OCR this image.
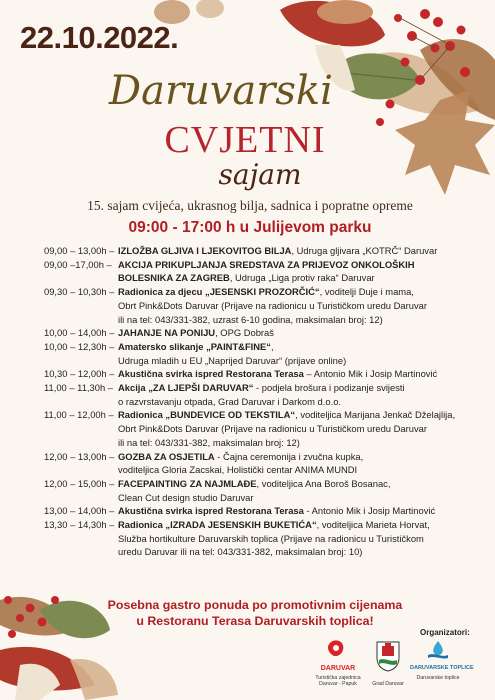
22.10.2022.
Daruvarski
CVJETNI
sajam
15. sajam cvijeća, ukrasnog bilja, sadnica i popratne opreme
09:00 - 17:00 h u Julijevom parku
09,00 – 13,00h – IZLOŽBA GLJIVA I LJEKOVITOG BILJA, Udruga gljivara „KOTRČ“ Daruvar
09,00 –17,00h – AKCIJA PRIKUPLJANJA SREDSTAVA ZA PRIJEVOZ ONKOLOŠKIH
BOLESNIKA ZA ZAGREB, Udruga „Liga protiv raka“ Daruvar
09,30 – 10,30h – Radionica za djecu „JESENSKI PROZORČIĆ“, voditelji Duje i mama,
Obrt Pink&Dots Daruvar (Prijave na radionicu u Turističkom uredu Daruvar
ili na tel: 043/331-382, uzrast 6-10 godina, maksimalan broj: 12)
10,00 – 14,00h – JAHANJE NA PONIJU, OPG Dobraš
10,00 – 12,30h – Amatersko slikanje „PAINT&FINE“,
Udruga mladih u EU „Naprijed Daruvar“ (prijave online)
10,30 – 12,00h – Akustična svirka ispred Restorana Terasa – Antonio Mik i Josip Martinović
11,00 – 11,30h – Akcija „ZA LJEPŠI DARUVAR“ - podjela brošura i podizanje svijesti
o razvrstavanju otpada, Grad Daruvar i Darkom d.o.o.
11,00 – 12,00h – Radionica „BUNDEVICE OD TEKSTILA“, voditeljica Marijana Jenkač Dželajlija,
Obrt Pink&Dots Daruvar (Prijave na radionicu u Turističkom uredu Daruvar
ili na tel: 043/331-382, maksimalan broj: 12)
12,00 – 13,00h – GOZBA ZA OSJETILA - Čajna ceremonija i zvučna kupka,
voditeljica Gloria Zacskai, Holistički centar ANIMA MUNDI
12,00 – 15,00h – FACEPAINTING ZA NAJMLAĐE, voditeljica Ana Boroš Bosanac,
Clean Cut design studio Daruvar
13,00 – 14,00h – Akustična svirka ispred Restorana Terasa - Antonio Mik i Josip Martinović
13,30 – 14,30h – Radionica „IZRADA JESENSKIH BUKETIĆA“, voditeljica Marieta Horvat,
Služba hortikulture Daruvarskih toplica (Prijave na radionicu u Turističkom
uredu Daruvar ili na tel: 043/331-382, maksimalan broj: 10)
Posebna gastro ponuda po promotivnim cijenama
u Restoranu Terasa Daruvarskih toplica!
Organizatori:
DARUVAR
Turistička zajednica
Daruvar - Papuk	Grad Daruvar
DARUVARSKE TOPLICE
Daruvarske toplice
